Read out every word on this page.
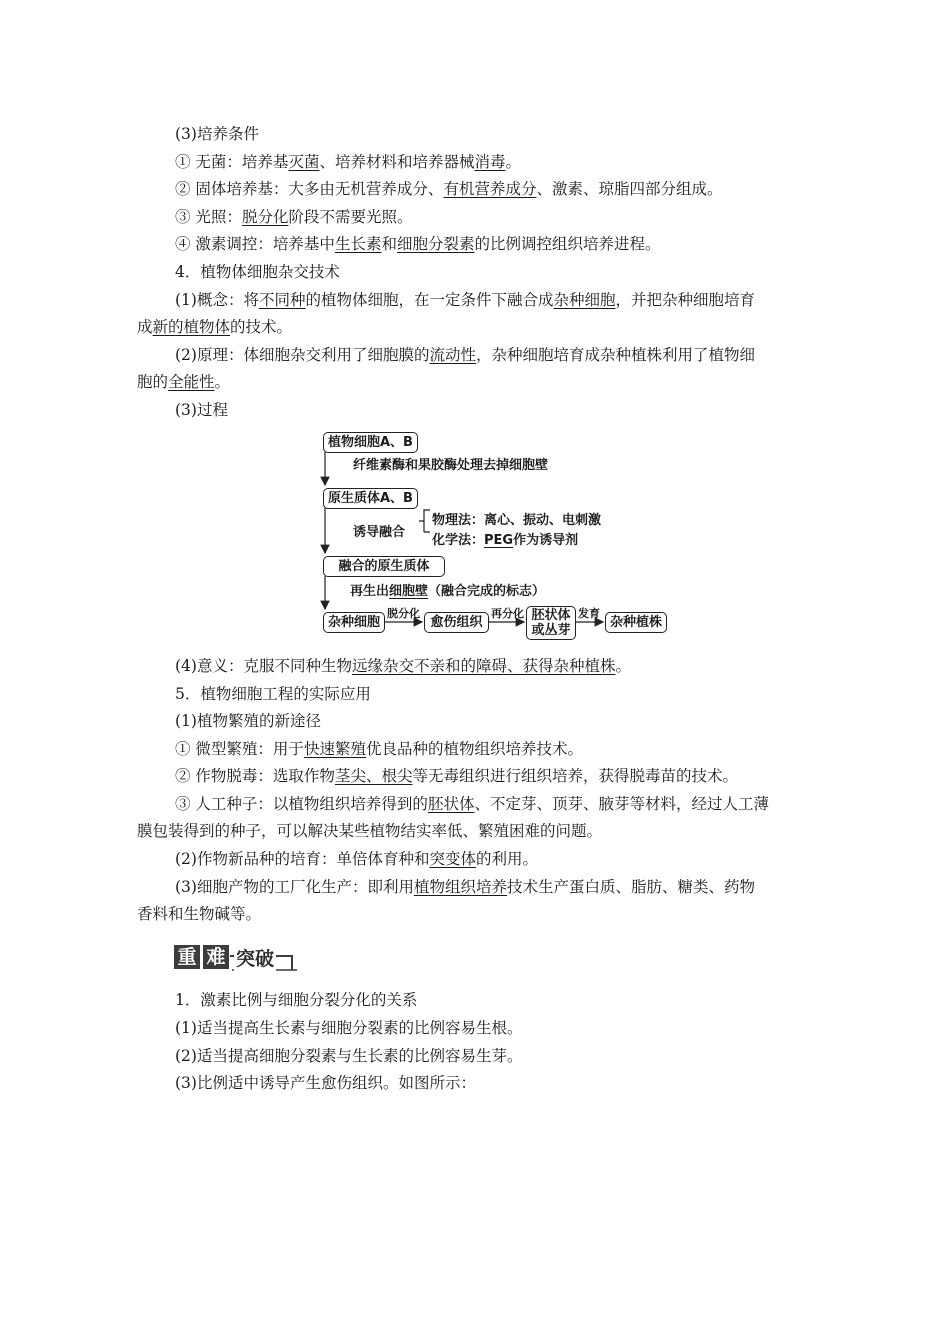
(3)培养条件
① 无菌：培养基灭菌、培养材料和培养器械消毒。
② 固体培养基：大多由无机营养成分、有机营养成分、激素、琼脂四部分组成。
③ 光照：脱分化阶段不需要光照。
④ 激素调控：培养基中生长素和细胞分裂素的比例调控组织培养进程。
4．植物体细胞杂交技术
(1)概念：将不同种的植物体细胞，在一定条件下融合成杂种细胞，并把杂种细胞培育
成新的植物体的技术。
(2)原理：体细胞杂交利用了细胞膜的流动性，杂种细胞培育成杂种植株利用了植物细
胞的全能性。
(3)过程
植物细胞A、B
纤维素酶和果胶酶处理去掉细胞壁
原生质体A、B
诱导融合
物理法：离心、振动、电刺激
化学法：PEG作为诱导剂
融合的原生质体
再生出细胞壁（融合完成的标志）
杂种细胞
脱分化
愈伤组织
再分化 胚状体
或丛芽
发育
杂种植株
(4)意义：克服不同种生物远缘杂交不亲和的障碍、获得杂种植株。
5．植物细胞工程的实际应用
(1)植物繁殖的新途径
① 微型繁殖：用于快速繁殖优良品种的植物组织培养技术。
② 作物脱毒：选取作物茎尖、根尖等无毒组织进行组织培养，获得脱毒苗的技术。
③ 人工种子：以植物组织培养得到的胚状体、不定芽、顶芽、腋芽等材料，经过人工薄
膜包装得到的种子，可以解决某些植物结实率低、繁殖困难的问题。
(2)作物新品种的培育：单倍体育种和突变体的利用。
(3)细胞产物的工厂化生产：即利用植物组织培养技术生产蛋白质、脂肪、糖类、药物
香料和生物碱等。
重 难 突破
1．激素比例与细胞分裂分化的关系
(1)适当提高生长素与细胞分裂素的比例容易生根。
(2)适当提高细胞分裂素与生长素的比例容易生芽。
(3)比例适中诱导产生愈伤组织。如图所示：
